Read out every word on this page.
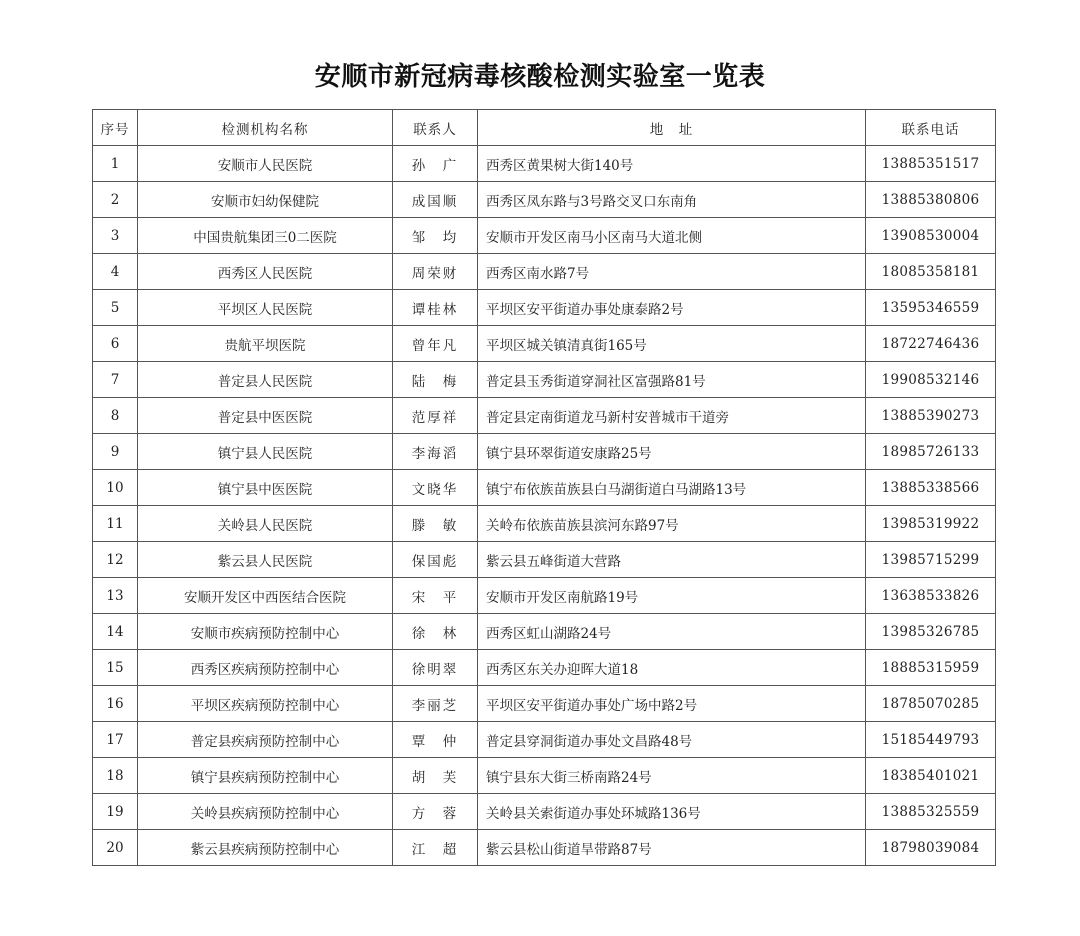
安顺市新冠病毒核酸检测实验室一览表
序号	检测机构名称	联系人	地　址	联系电话
1	安顺市人民医院	孙　广	西秀区黄果树大街140号	13885351517
2	安顺市妇幼保健院	成国顺	西秀区凤东路与3号路交叉口东南角	13885380806
3	中国贵航集团三0二医院	邹　均	安顺市开发区南马小区南马大道北侧	13908530004
4	西秀区人民医院	周荣财	西秀区南水路7号	18085358181
5	平坝区人民医院	谭桂林	平坝区安平街道办事处康泰路2号	13595346559
6	贵航平坝医院	曾年凡	平坝区城关镇清真街165号	18722746436
7	普定县人民医院	陆　梅	普定县玉秀街道穿洞社区富强路81号	19908532146
8	普定县中医医院	范厚祥	普定县定南街道龙马新村安普城市干道旁	13885390273
9	镇宁县人民医院	李海滔	镇宁县环翠街道安康路25号	18985726133
10	镇宁县中医医院	文晓华	镇宁布依族苗族县白马湖街道白马湖路13号	13885338566
11	关岭县人民医院	滕　敏	关岭布依族苗族县滨河东路97号	13985319922
12	紫云县人民医院	保国彪	紫云县五峰街道大营路	13985715299
13	安顺开发区中西医结合医院	宋　平	安顺市开发区南航路19号	13638533826
14	安顺市疾病预防控制中心	徐　林	西秀区虹山湖路24号	13985326785
15	西秀区疾病预防控制中心	徐明翠	西秀区东关办迎晖大道18	18885315959
16	平坝区疾病预防控制中心	李丽芝	平坝区安平街道办事处广场中路2号	18785070285
17	普定县疾病预防控制中心	覃　仲	普定县穿洞街道办事处文昌路48号	15185449793
18	镇宁县疾病预防控制中心	胡　芙	镇宁县东大街三桥南路24号	18385401021
19	关岭县疾病预防控制中心	方　蓉	关岭县关索街道办事处环城路136号	13885325559
20	紫云县疾病预防控制中心	江　超	紫云县松山街道旱带路87号	18798039084
